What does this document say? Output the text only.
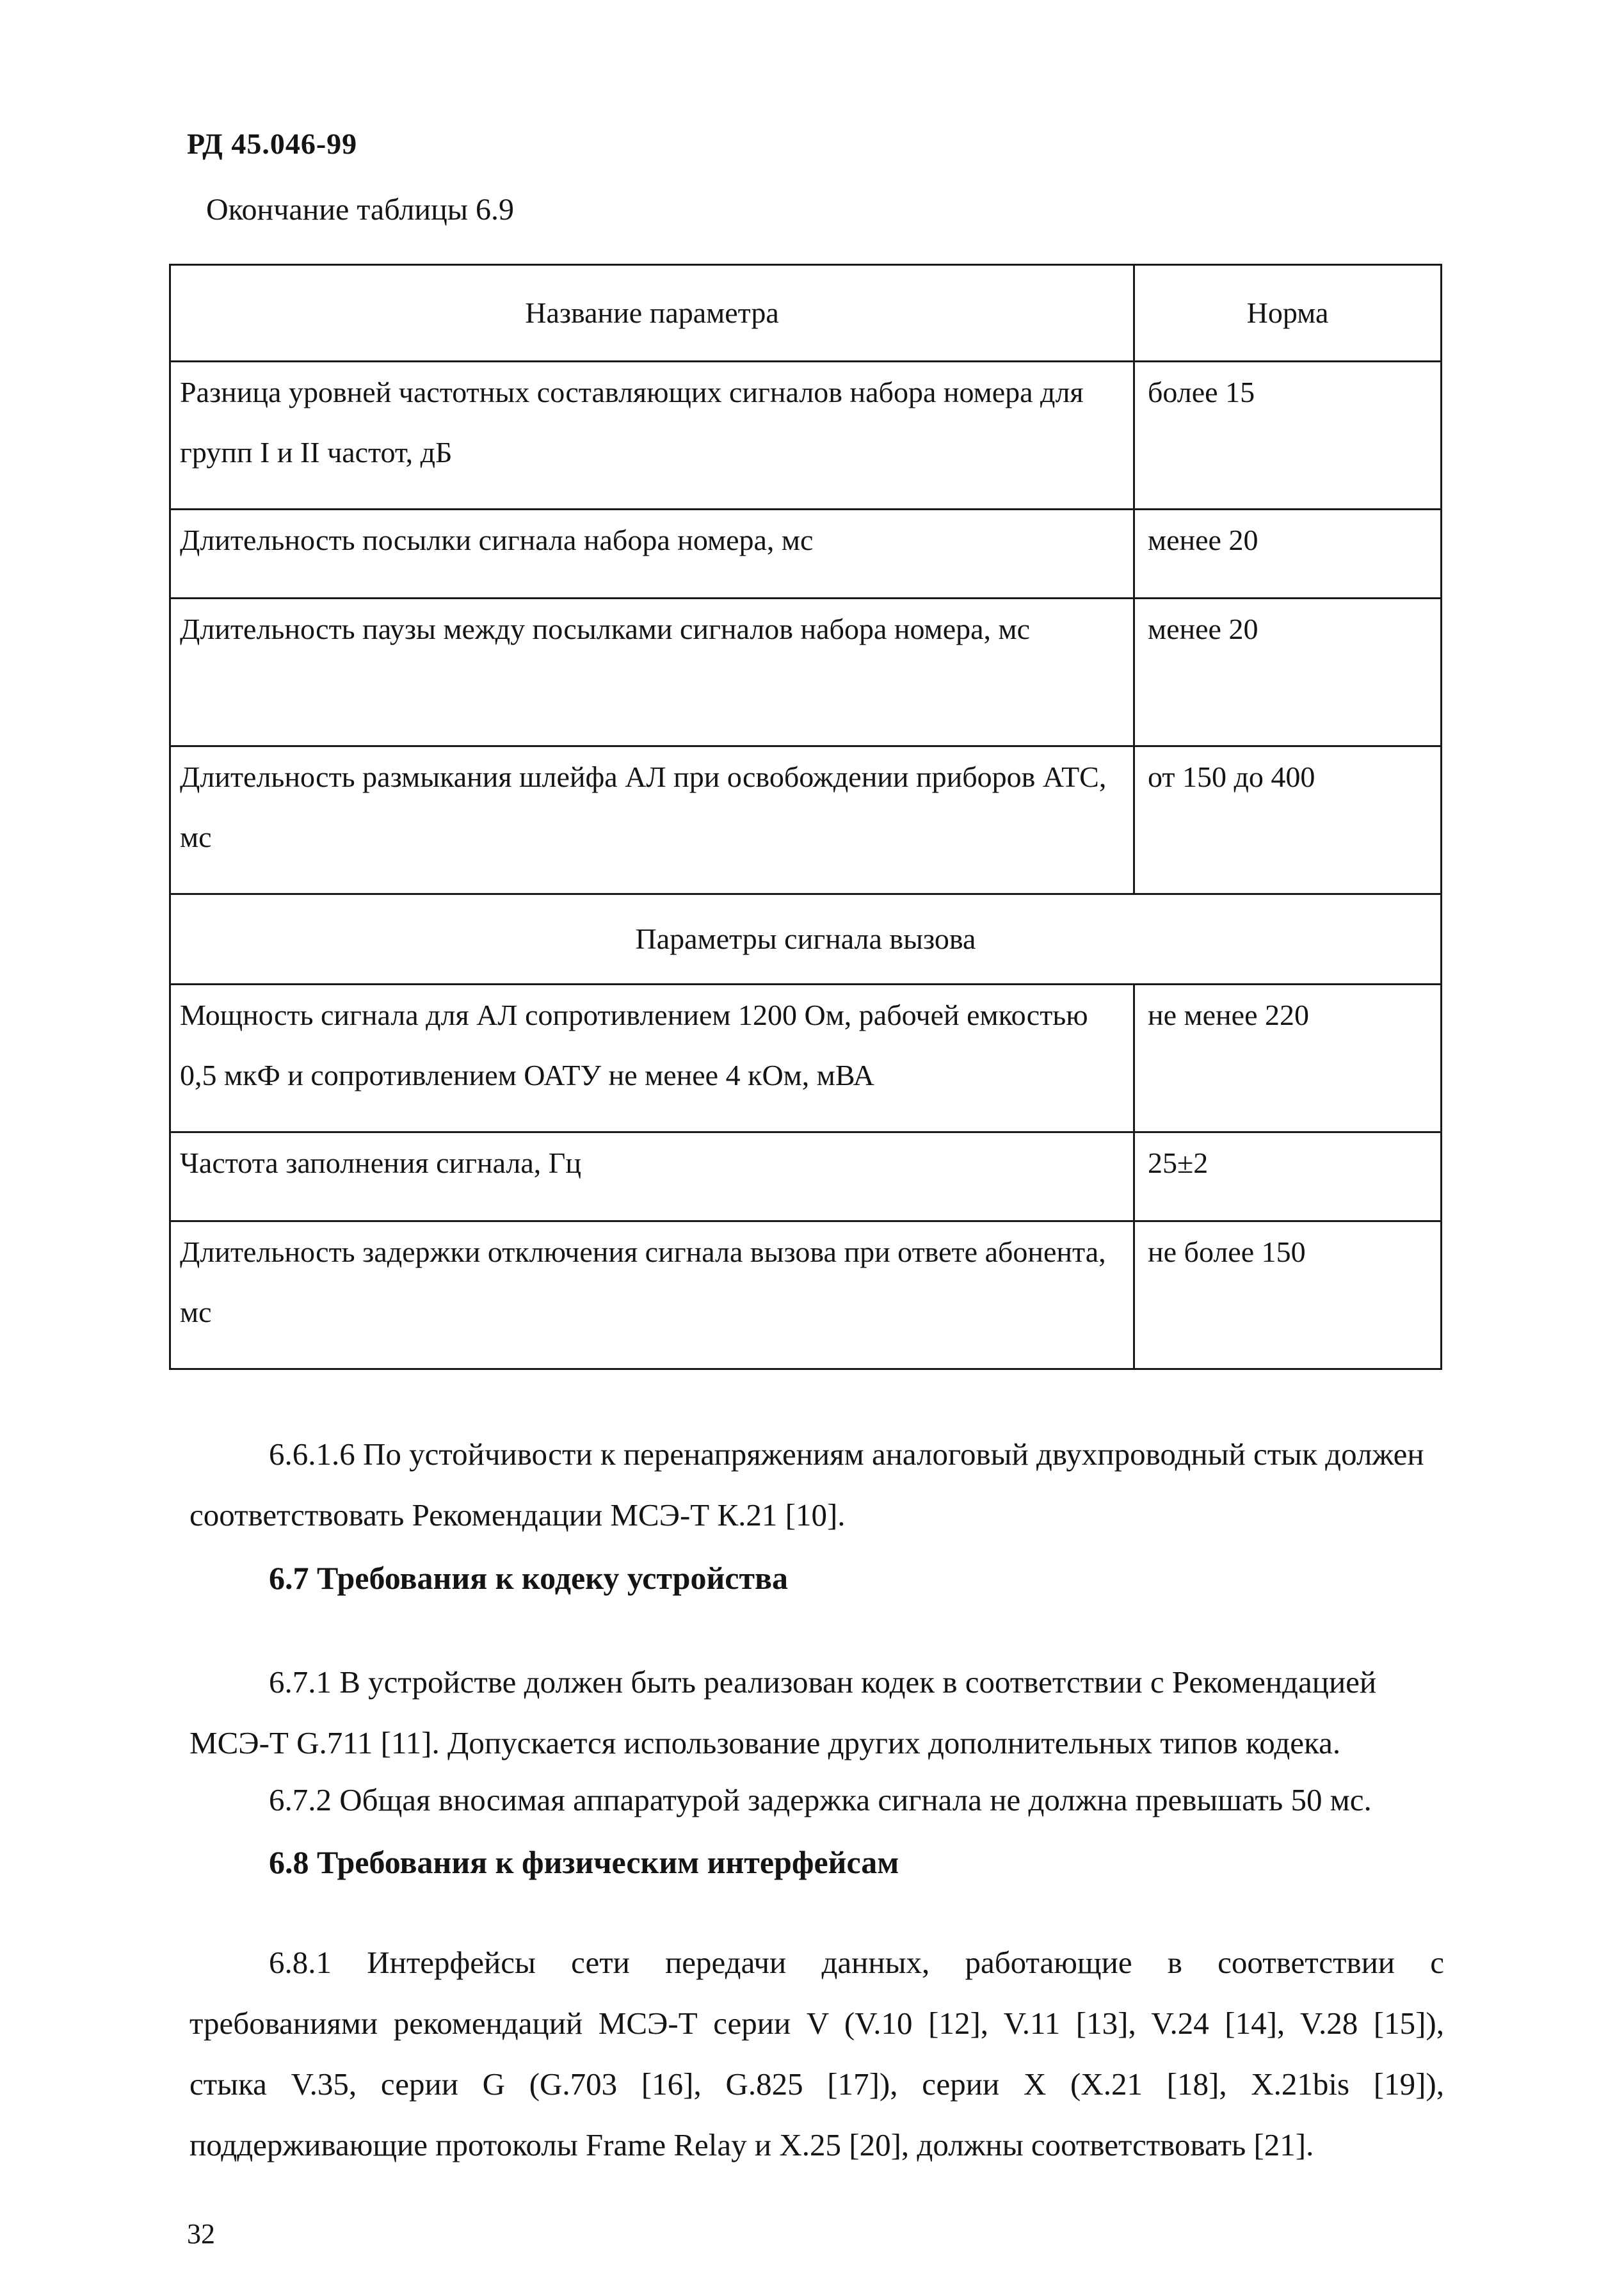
РД 45.046-99
Окончание таблицы 6.9
Название параметра	Норма
Разница уровней частотных составляющих сигналов набора номера для групп I и II частот, дБ	более 15
Длительность посылки сигнала набора номера, мс	менее 20
Длительность паузы между посылками сигналов набора номера, мс	менее 20
Длительность размыкания шлейфа АЛ при освобождении приборов АТС, мс	от 150 до 400
Параметры сигнала вызова	
Мощность сигнала для АЛ сопротивлением 1200 Ом, рабочей емкостью 0,5 мкФ и сопротивлением ОАТУ не менее 4 кОм, мВА	не менее 220
Частота заполнения сигнала, Гц	25±2
Длительность задержки отключения сигнала вызова при ответе абонента, мс	не более 150
6.6.1.6 По устойчивости к перенапряжениям аналоговый двухпроводный стык должен соответствовать Рекомендации МСЭ-Т К.21 [10].
6.7 Требования к кодеку устройства
6.7.1 В устройстве должен быть реализован кодек в соответствии с Рекомендацией МСЭ-Т G.711 [11]. Допускается использование других дополнительных типов кодека.
6.7.2 Общая вносимая аппаратурой задержка сигнала не должна превышать 50 мс.
6.8 Требования к физическим интерфейсам
6.8.1 Интерфейсы сети передачи данных, работающие в соответствии с
требованиями рекомендаций МСЭ-Т серии V (V.10 [12], V.11 [13], V.24 [14], V.28 [15]),
стыка V.35, серии G (G.703 [16], G.825 [17]), серии X (X.21 [18], X.21bis [19]),
поддерживающие протоколы Frame Relay и X.25 [20], должны соответствовать [21].
32
